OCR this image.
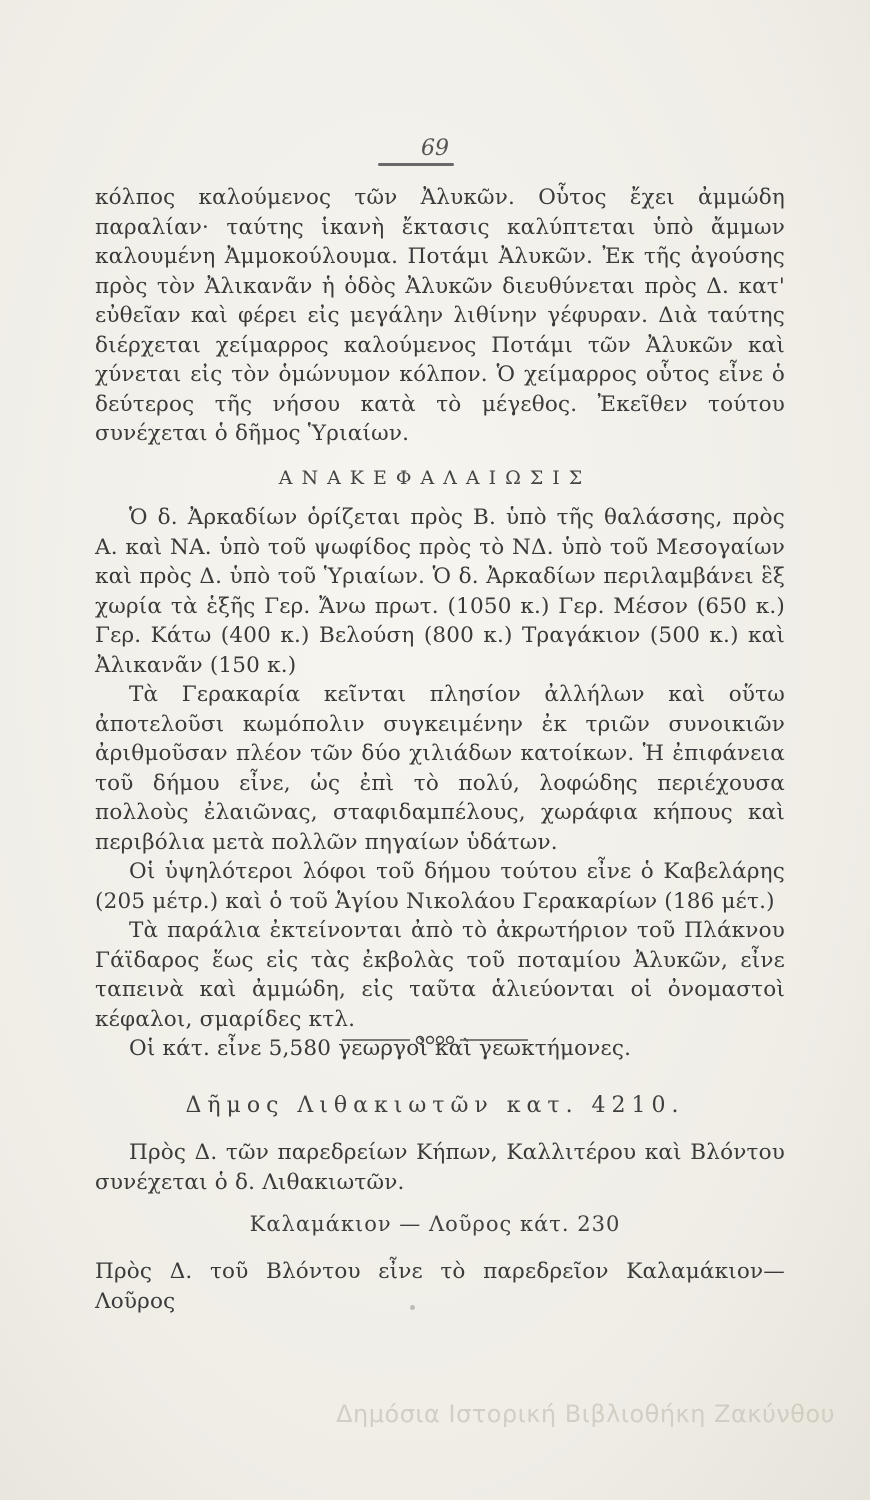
69

κόλπος καλούμενος τῶν Ἀλυκῶν. Οὗτος ἔχει ἀμμώδη παραλίαν· ταύτης ἱκανὴ ἔκτασις καλύπτεται ὑπὸ ἄμμων καλουμένη Ἀμμοκούλουμα. Ποτάμι Ἀλυκῶν. Ἐκ τῆς ἀγούσης πρὸς τὸν Ἀλικανᾶν ἡ ὁδὸς Ἀλυκῶν διευθύνεται πρὸς Δ. κατ' εὐθεῖαν καὶ φέρει εἰς μεγάλην λιθίνην γέφυραν. Διὰ ταύτης διέρχεται χείμαρρος καλούμενος Ποτάμι τῶν Ἀλυκῶν καὶ χύνεται εἰς τὸν ὁμώνυμον κόλπον. Ὁ χείμαρρος οὗτος εἶνε ὁ δεύτερος τῆς νήσου κατὰ τὸ μέγεθος. Ἐκεῖθεν τούτου συνέχεται ὁ δῆμος Ὑριαίων.

ΑΝΑΚΕΦΑΛΑΙΩΣΙΣ

Ὁ δ. Ἀρκαδίων ὁρίζεται πρὸς Β. ὑπὸ τῆς θαλάσσης, πρὸς Α. καὶ ΝΑ. ὑπὸ τοῦ ψωφίδος πρὸς τὸ ΝΔ. ὑπὸ τοῦ Μεσογαίων καὶ πρὸς Δ. ὑπὸ τοῦ Ὑριαίων. Ὁ δ. Ἀρκαδίων περιλαμβάνει ἓξ χωρία τὰ ἑξῆς Γερ. Ἄνω πρωτ. (1050 κ.) Γερ. Μέσον (650 κ.) Γερ. Κάτω (400 κ.) Βελούση (800 κ.) Τραγάκιον (500 κ.) καὶ Ἀλικανᾶν (150 κ.)

Τὰ Γερακαρία κεῖνται πλησίον ἀλλήλων καὶ οὕτω ἀποτελοῦσι κωμόπολιν συγκειμένην ἐκ τριῶν συνοικιῶν ἀριθμοῦσαν πλέον τῶν δύο χιλιάδων κατοίκων. Ἡ ἐπιφάνεια τοῦ δήμου εἶνε, ὡς ἐπὶ τὸ πολύ, λοφώδης περιέχουσα πολλοὺς ἐλαιῶνας, σταφιδαμπέλους, χωράφια κήπους καὶ περιβόλια μετὰ πολλῶν πηγαίων ὑδάτων.

Οἱ ὑψηλότεροι λόφοι τοῦ δήμου τούτου εἶνε ὁ Καβελάρης (205 μέτρ.) καὶ ὁ τοῦ Ἁγίου Νικολάου Γερακαρίων (186 μέτ.)

Τὰ παράλια ἐκτείνονται ἀπὸ τὸ ἀκρωτήριον τοῦ Πλάκνου Γάϊδαρος ἕως εἰς τὰς ἐκβολὰς τοῦ ποταμίου Ἀλυκῶν, εἶνε ταπεινὰ καὶ ἀμμώδη, εἰς ταῦτα ἁλιεύονται οἱ ὀνομαστοὶ κέφαλοι, σμαρίδες κτλ.

Οἱ κάτ. εἶνε 5,580 γεωργοὶ καὶ γεωκτήμονες.

Δῆμος Λιθακιωτῶν κατ. 4210.

Πρὸς Δ. τῶν παρεδρείων Κήπων, Καλλιτέρου καὶ Βλόντου συνέχεται ὁ δ. Λιθακιωτῶν.

Καλαμάκιον — Λοῦρος κάτ. 230

Πρὸς Δ. τοῦ Βλόντου εἶνε τὸ παρεδρεῖον Καλαμάκιον—Λοῦρος

Δημόσια Ιστορική Βιβλιοθήκη Ζακύνθου
